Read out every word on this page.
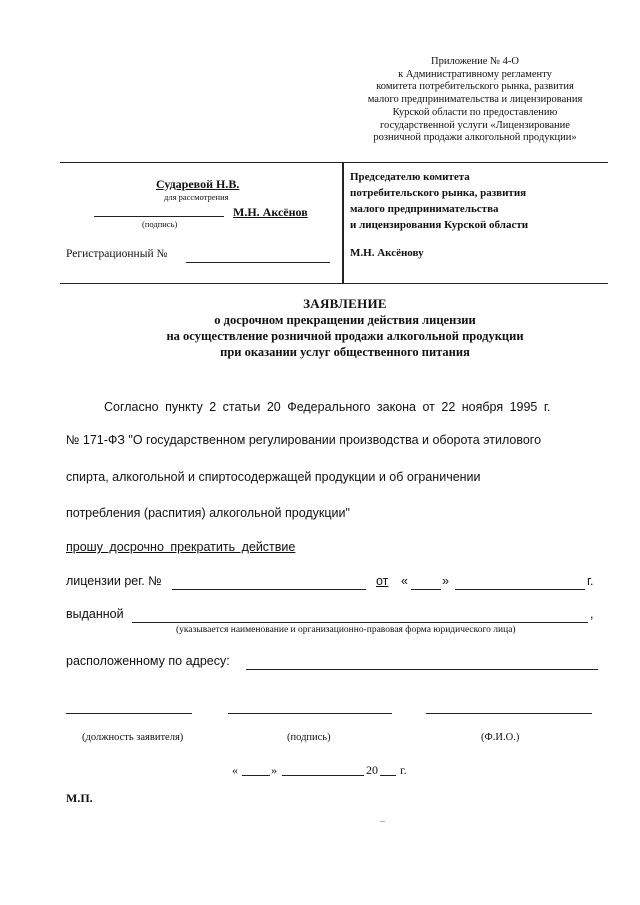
Приложение № 4-О
к Административному регламенту
комитета потребительского рынка, развития
малого предпринимательства и лицензирования
Курской области по предоставлению
государственной услуги «Лицензирование
розничной продажи алкогольной продукции»
Сударевой Н.В.
для рассмотрения
М.Н. Аксёнов
(подпись)
Регистрационный №
Председателю комитета
потребительского рынка, развития
малого предпринимательства
и лицензирования Курской области
М.Н. Аксёнову
ЗАЯВЛЕНИЕ
о досрочном прекращении действия лицензии
на осуществление розничной продажи алкогольной продукции
при оказании услуг общественного питания
Согласно пункту 2 статьи 20 Федерального закона от 22 ноября 1995 г.
№ 171-ФЗ "О государственном регулировании производства и оборота этилового
спирта, алкогольной и спиртосодержащей продукции и об ограничении
потребления (распития) алкогольной продукции"
прошу досрочно прекратить действие
лицензии рег. №	от «	»	г.
выданной	,
(указывается наименование и организационно-правовая форма юридического лица)
расположенному по адресу:
(должность заявителя)	(подпись)	(Ф.И.О.)
«	»	20 г.
М.П.
–
